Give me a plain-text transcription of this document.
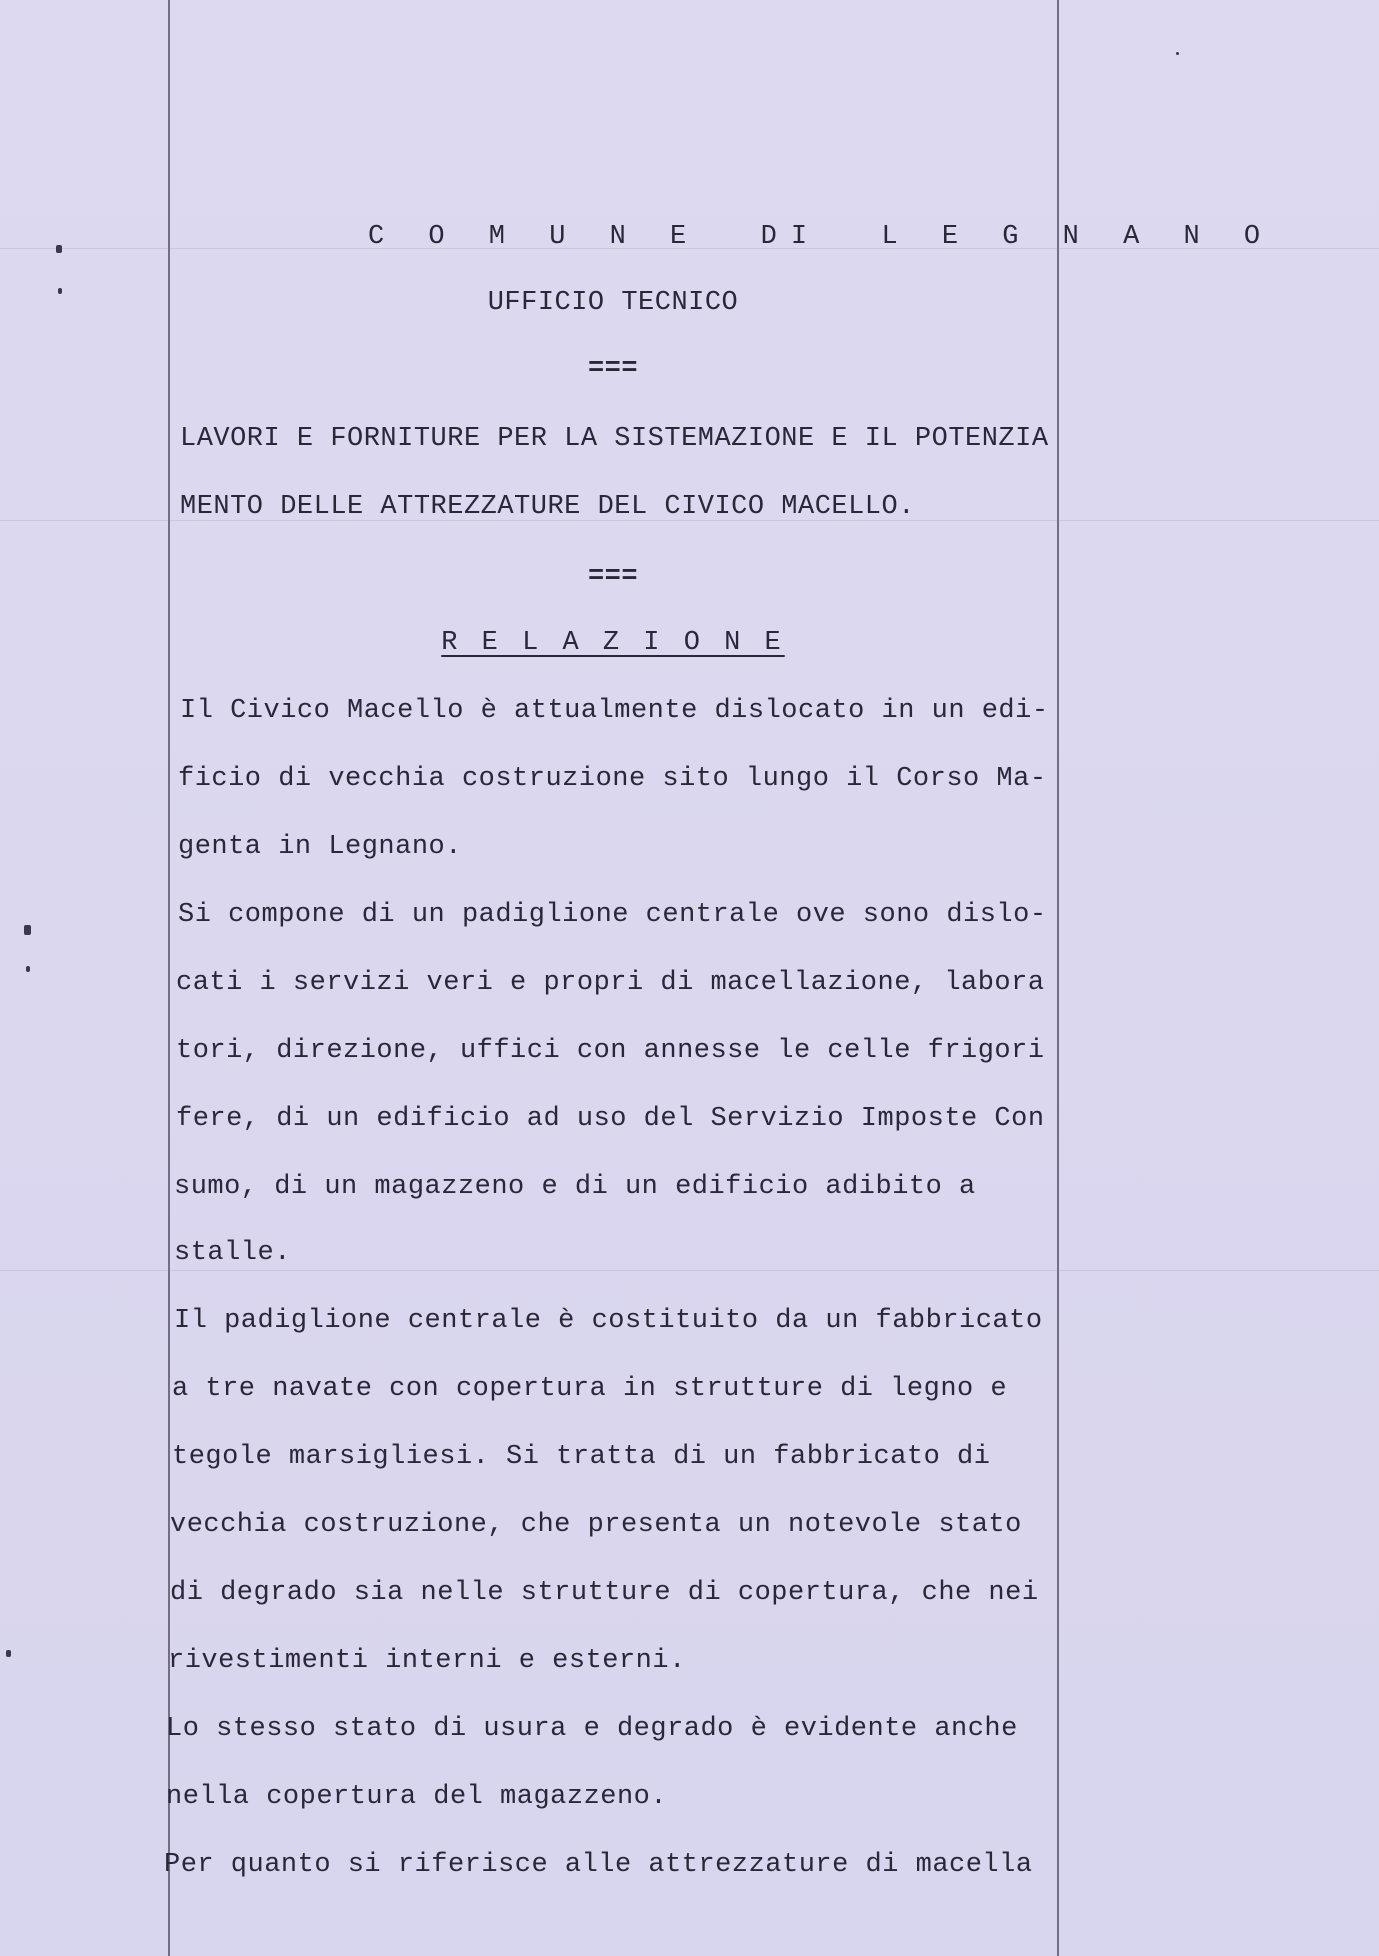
C O M U N E  DI  L E G N A N O
UFFICIO TECNICO
===
LAVORI E FORNITURE PER LA SISTEMAZIONE E IL POTENZIA
MENTO DELLE ATTREZZATURE DEL CIVICO MACELLO.
===
R E L A Z I O N E
Il Civico Macello è attualmente dislocato in un edi-
ficio di vecchia costruzione sito lungo il Corso Ma-
genta in Legnano.
Si compone di un padiglione centrale ove sono dislo-
cati i servizi veri e propri di macellazione, labora
tori, direzione, uffici con annesse le celle frigori
fere, di un edificio ad uso del Servizio Imposte Con
sumo, di un magazzeno e di un edificio adibito a
stalle.
Il padiglione centrale è costituito da un fabbricato
a tre navate con copertura in strutture di legno e
tegole marsigliesi. Si tratta di un fabbricato di
vecchia costruzione, che presenta un notevole stato
di degrado sia nelle strutture di copertura, che nei
rivestimenti interni e esterni.
Lo stesso stato di usura e degrado è evidente anche
nella copertura del magazzeno.
Per quanto si riferisce alle attrezzature di macella
